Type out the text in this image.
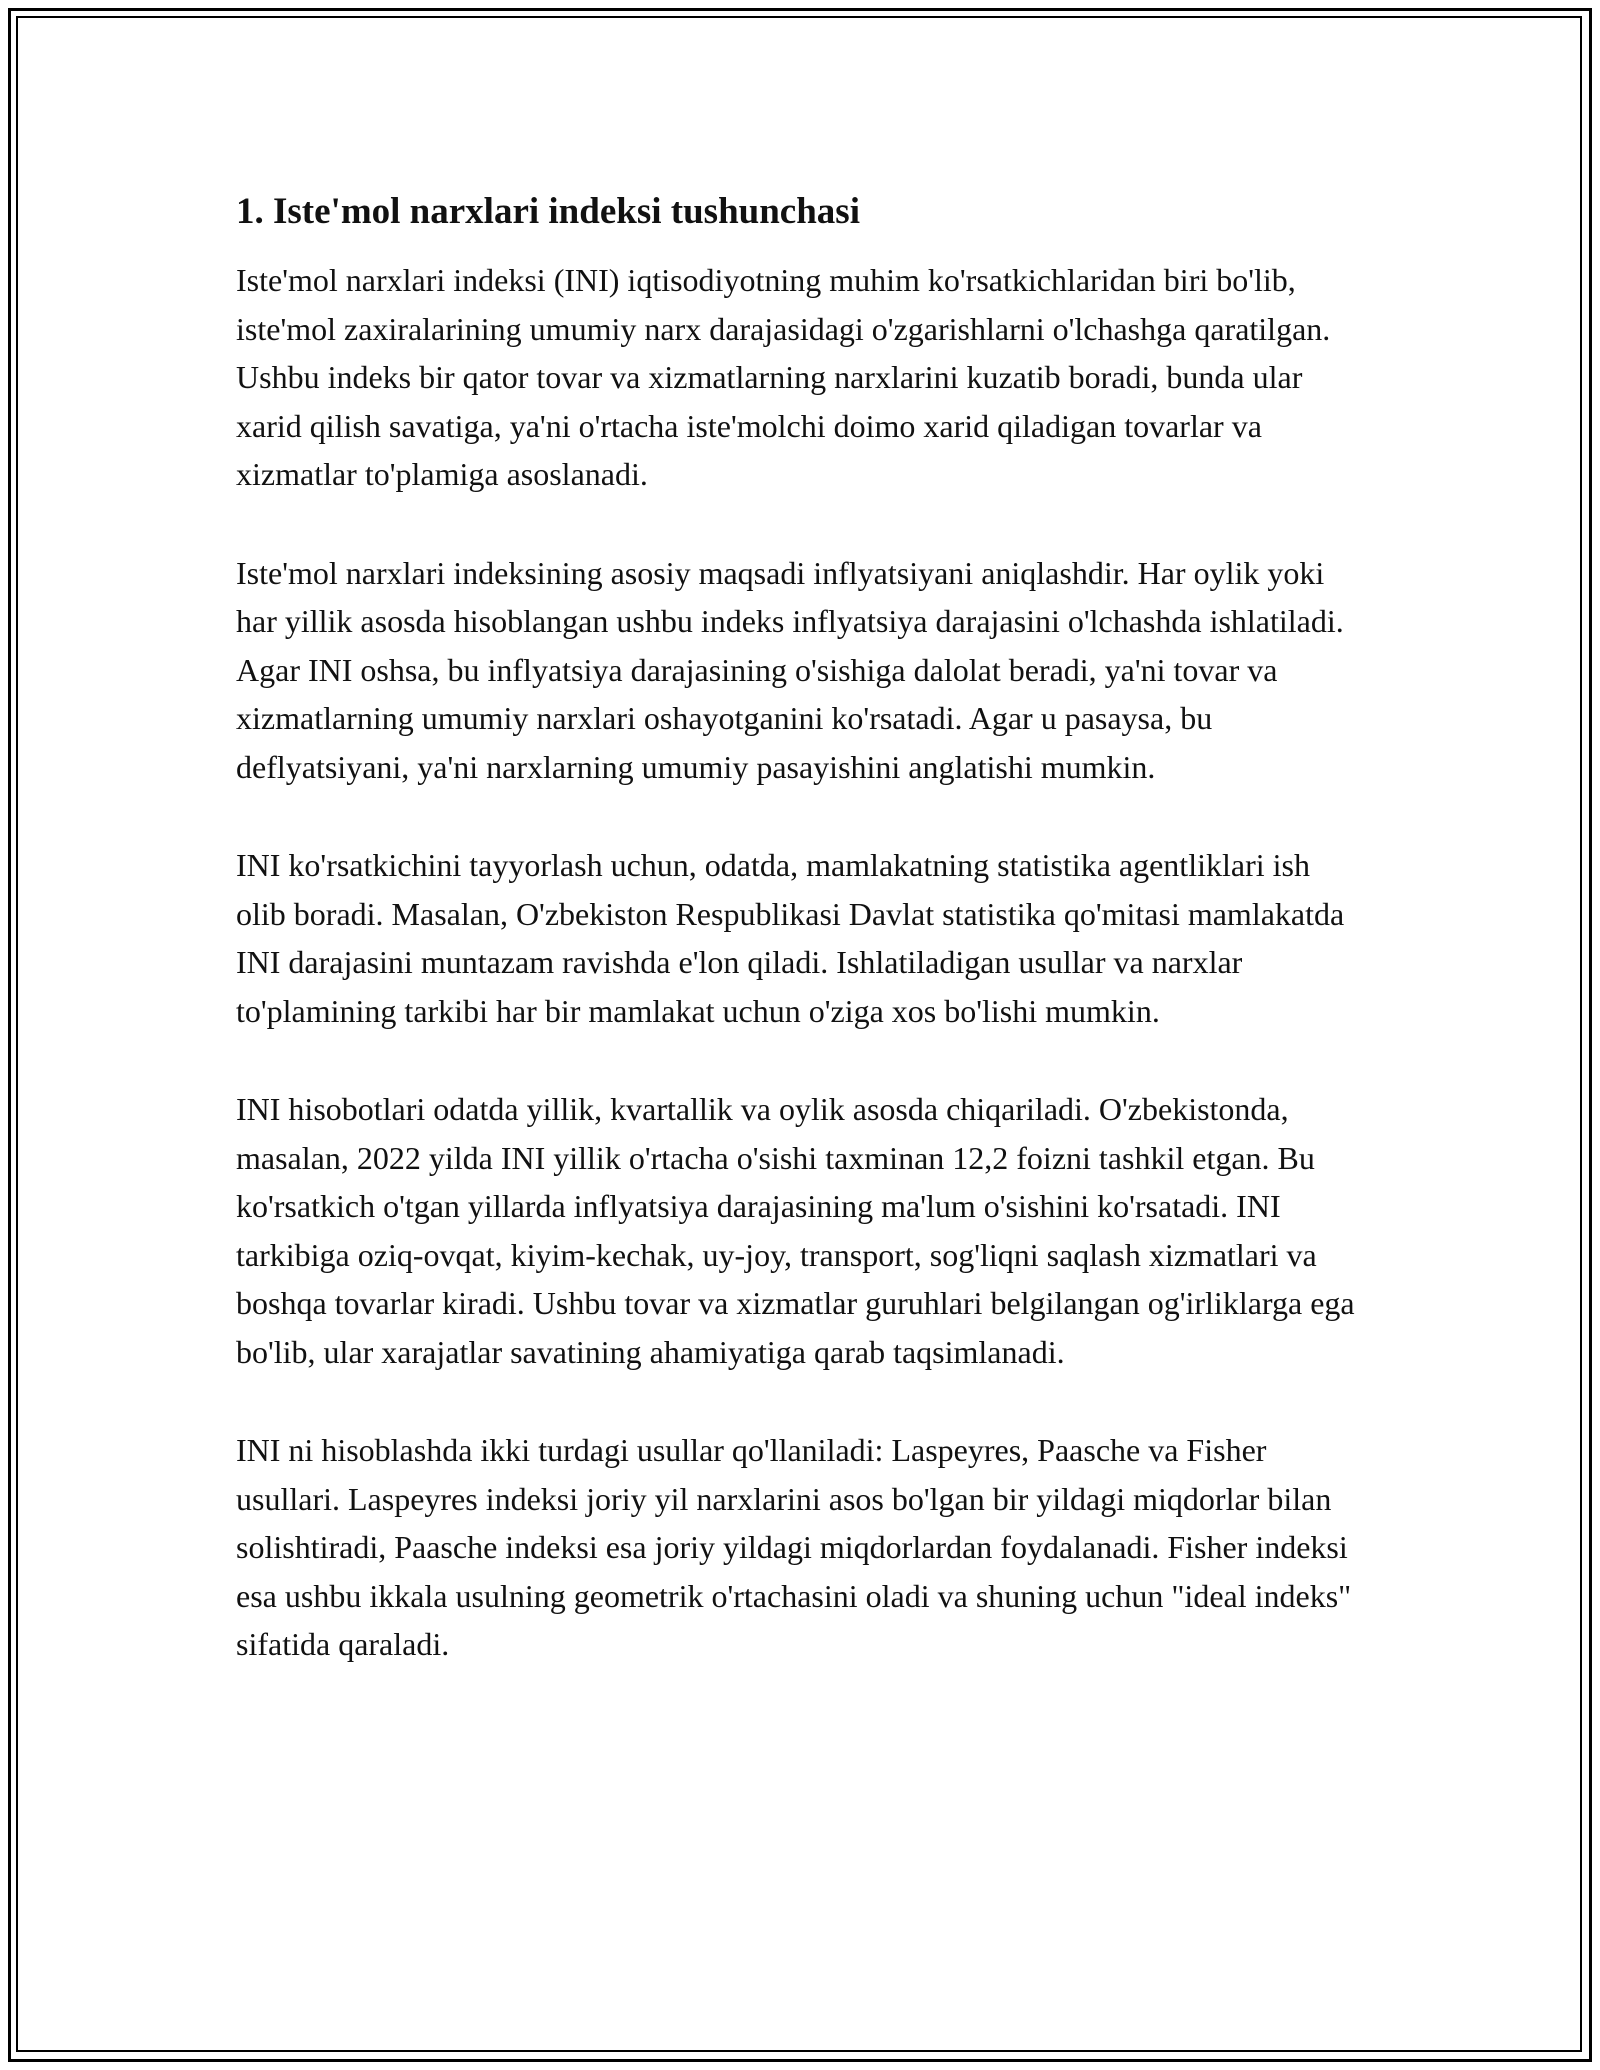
1. Iste'mol narxlari indeksi tushunchasi

Iste'mol narxlari indeksi (INI) iqtisodiyotning muhim ko'rsatkichlaridan biri bo'lib, iste'mol zaxiralarining umumiy narx darajasidagi o'zgarishlarni o'lchashga qaratilgan. Ushbu indeks bir qator tovar va xizmatlarning narxlarini kuzatib boradi, bunda ular xarid qilish savatiga, ya'ni o'rtacha iste'molchi doimo xarid qiladigan tovarlar va xizmatlar to'plamiga asoslanadi.

Iste'mol narxlari indeksining asosiy maqsadi inflyatsiyani aniqlashdir. Har oylik yoki har yillik asosda hisoblangan ushbu indeks inflyatsiya darajasini o'lchashda ishlatiladi. Agar INI oshsa, bu inflyatsiya darajasining o'sishiga dalolat beradi, ya'ni tovar va xizmatlarning umumiy narxlari oshayotganini ko'rsatadi. Agar u pasaysa, bu deflyatsiyani, ya'ni narxlarning umumiy pasayishini anglatishi mumkin.

INI ko'rsatkichini tayyorlash uchun, odatda, mamlakatning statistika agentliklari ish olib boradi. Masalan, O'zbekiston Respublikasi Davlat statistika qo'mitasi mamlakatda INI darajasini muntazam ravishda e'lon qiladi. Ishlatiladigan usullar va narxlar to'plamining tarkibi har bir mamlakat uchun o'ziga xos bo'lishi mumkin.

INI hisobotlari odatda yillik, kvartallik va oylik asosda chiqariladi. O'zbekistonda, masalan, 2022 yilda INI yillik o'rtacha o'sishi taxminan 12,2 foizni tashkil etgan. Bu ko'rsatkich o'tgan yillarda inflyatsiya darajasining ma'lum o'sishini ko'rsatadi. INI tarkibiga oziq-ovqat, kiyim-kechak, uy-joy, transport, sog'liqni saqlash xizmatlari va boshqa tovarlar kiradi. Ushbu tovar va xizmatlar guruhlari belgilangan og'irliklarga ega bo'lib, ular xarajatlar savatining ahamiyatiga qarab taqsimlanadi.

INI ni hisoblashda ikki turdagi usullar qo'llaniladi: Laspeyres, Paasche va Fisher usullari. Laspeyres indeksi joriy yil narxlarini asos bo'lgan bir yildagi miqdorlar bilan solishtiradi, Paasche indeksi esa joriy yildagi miqdorlardan foydalanadi. Fisher indeksi esa ushbu ikkala usulning geometrik o'rtachasini oladi va shuning uchun "ideal indeks" sifatida qaraladi.
